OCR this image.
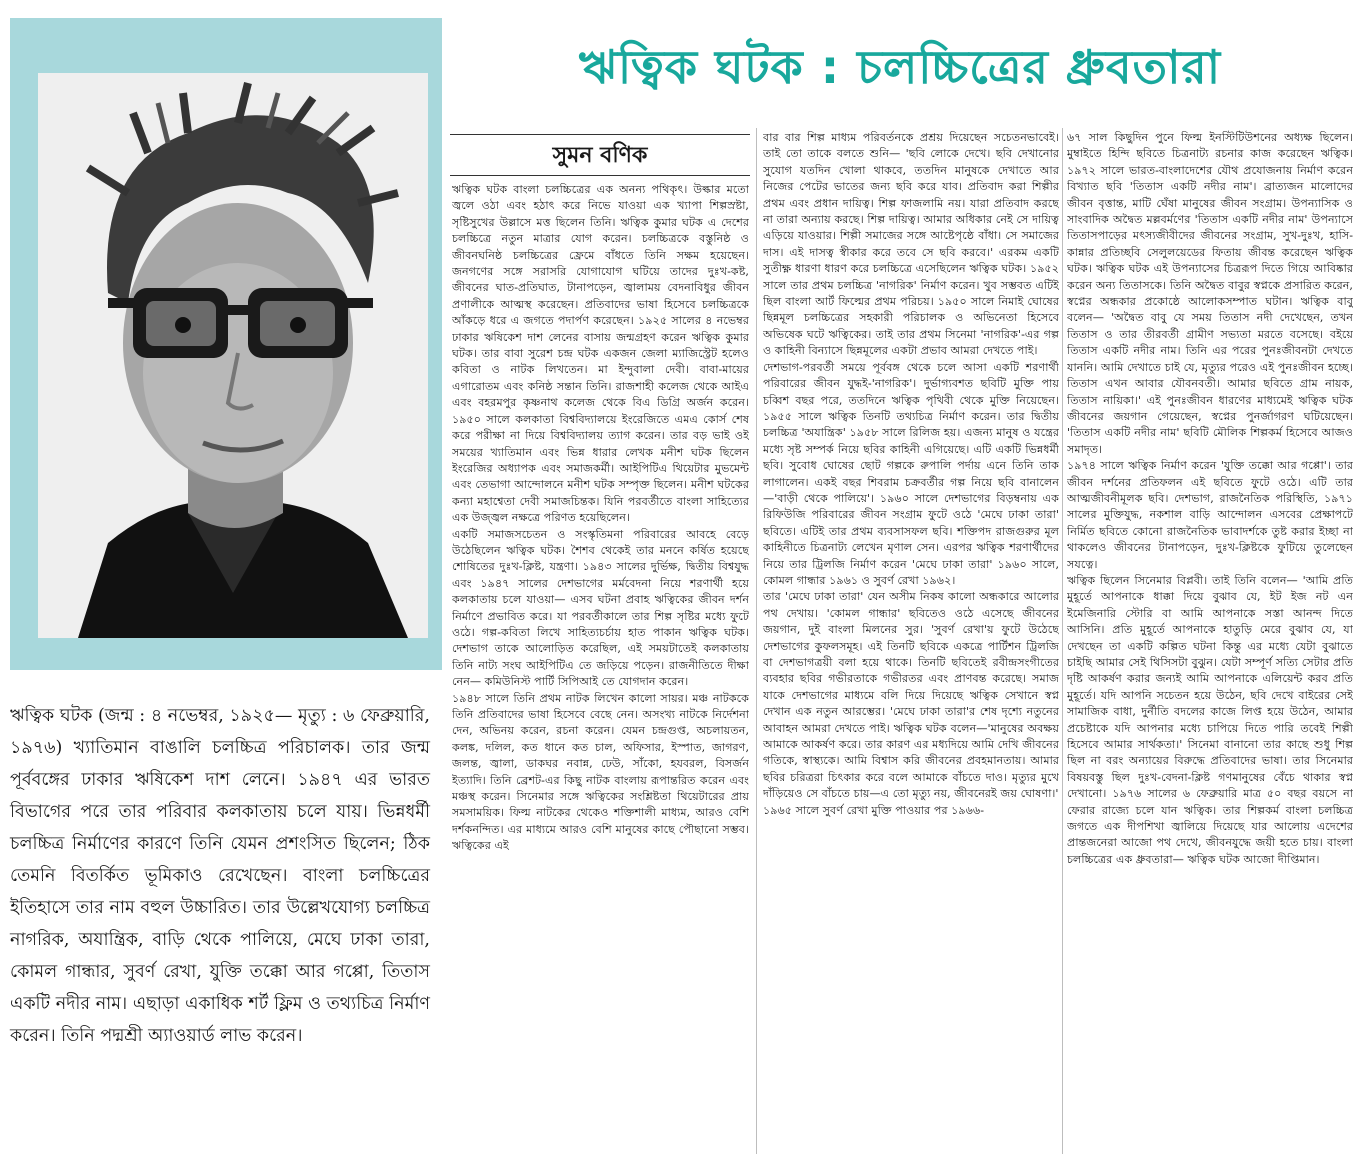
ঋত্বিক ঘটক (জন্ম : ৪ নভেম্বর, ১৯২৫— মৃত্যু : ৬ ফেব্রুয়ারি, ১৯৭৬) খ্যাতিমান বাঙালি চলচ্চিত্র পরিচালক। তার জন্ম পূর্ববঙ্গের ঢাকার ঋষিকেশ দাশ লেনে। ১৯৪৭ এর ভারত বিভাগের পরে তার পরিবার কলকাতায় চলে যায়। ভিন্নধর্মী চলচ্চিত্র নির্মাণের কারণে তিনি যেমন প্রশংসিত ছিলেন; ঠিক তেমনি বিতর্কিত ভূমিকাও রেখেছেন। বাংলা চলচ্চিত্রের ইতিহাসে তার নাম বহুল উচ্চারিত। তার উল্লেখযোগ্য চলচ্চিত্র নাগরিক, অযান্ত্রিক, বাড়ি থেকে পালিয়ে, মেঘে ঢাকা তারা, কোমল গান্ধার, সুবর্ণ রেখা, যুক্তি তক্কো আর গপ্পো, তিতাস একটি নদীর নাম। এছাড়া একাধিক শর্ট ফ্লিম ও তথ্যচিত্র নির্মাণ করেন। তিনি পদ্মশ্রী অ্যাওয়ার্ড লাভ করেন।
ঋত্বিক ঘটক : চলচ্চিত্রের ধ্রুবতারা
সুমন বণিক

ঋত্বিক ঘটক বাংলা চলচ্চিত্রের এক অনন্য পথিকৃৎ। উল্কার মতো জ্বলে ওঠা এবং হঠাৎ করে নিভে যাওয়া এক খ্যাপা শিল্পস্রষ্টা, সৃষ্টিসুখের উল্লাসে মত্ত ছিলেন তিনি। ঋত্বিক কুমার ঘটক এ দেশের চলচ্চিত্রে নতুন মাত্রার যোগ করেন। চলচ্চিত্রকে বস্তুনিষ্ঠ ও জীবনঘনিষ্ঠ চলচ্চিত্রের ফ্রেমে বাঁধতে তিনি সক্ষম হয়েছেন। জনগণের সঙ্গে সরাসরি যোগাযোগ ঘটিয়ে তাদের দুঃখ-কষ্ট, জীবনের ঘাত-প্রতিঘাত, টানাপড়েন, জ্বালাময় বেদনাবিধুর জীবন প্রণালীকে আত্মস্থ করেছেন। প্রতিবাদের ভাষা হিসেবে চলচ্চিত্রকে আঁকড়ে ধরে এ জগতে পদার্পণ করেছেন। ১৯২৫ সালের ৪ নভেম্বর ঢাকার ঋষিকেশ দাশ লেনের বাসায় জন্মগ্রহণ করেন ঋত্বিক কুমার ঘটক। তার বাবা সুরেশ চন্দ্র ঘটক একজন জেলা ম্যাজিস্ট্রেট হলেও কবিতা ও নাটক লিখতেন। মা ইন্দুবালা দেবী। বাবা-মায়ের এগারোতম এবং কনিষ্ঠ সন্তান তিনি। রাজশাহী কলেজ থেকে আইএ এবং বহরমপুর কৃষ্ণনাথ কলেজ থেকে বিএ ডিগ্রি অর্জন করেন। ১৯৫০ সালে কলকাতা বিশ্ববিদ্যালয়ে ইংরেজিতে এমএ কোর্স শেষ করে পরীক্ষা না দিয়ে বিশ্ববিদ্যালয় ত্যাগ করেন। তার বড় ভাই ওই সময়ের খ্যাতিমান এবং ভিন্ন ধারার লেখক মনীশ ঘটক ছিলেন ইংরেজির অধ্যাপক এবং সমাজকর্মী। আইপিটিএ থিয়েটার মুভমেন্ট এবং তেভাগা আন্দোলনে মনীশ ঘটক সম্পৃক্ত ছিলেন। মনীশ ঘটকের কন্যা মহাশ্বেতা দেবী সমাজচিন্তক। যিনি পরবর্তীতে বাংলা সাহিত্যের এক উজ্জ্বল নক্ষত্রে পরিণত হয়েছিলেন।

একটি সমাজসচেতন ও সংস্কৃতিমনা পরিবারের আবহে বেড়ে উঠেছিলেন ঋত্বিক ঘটক। শৈশব থেকেই তার মননে কর্ষিত হয়েছে শোষিতের দুঃখ-ক্লিষ্ট, যন্ত্রণা। ১৯৪৩ সালের দুর্ভিক্ষ, দ্বিতীয় বিশ্বযুদ্ধ এবং ১৯৪৭ সালের দেশভাগের মর্মবেদনা নিয়ে শরণার্থী হয়ে কলকাতায় চলে যাওয়া— এসব ঘটনা প্রবাহ ঋত্বিকের জীবন দর্শন নির্মাণে প্রভাবিত করে। যা পরবর্তীকালে তার শিল্প সৃষ্টির মধ্যে ফুটে ওঠে। গল্প-কবিতা লিখে সাহিত্যচর্চায় হাত পাকান ঋত্বিক ঘটক। দেশভাগ তাকে আলোড়িত করেছিল, এই সময়টাতেই কলকাতায় তিনি নাট্য সংঘ আইপিটিএ তে জড়িয়ে পড়েন। রাজনীতিতে দীক্ষা নেন— কমিউনিস্ট পার্টি সিপিআই তে যোগদান করেন।

১৯৪৮ সালে তিনি প্রথম নাটক লিখেন কালো সায়র। মঞ্চ নাটককে তিনি প্রতিবাদের ভাষা হিসেবে বেছে নেন। অসংখ্য নাটকে নির্দেশনা দেন, অভিনয় করেন, রচনা করেন। যেমন চন্দ্রগুপ্ত, অচলায়তন, কলঙ্ক, দলিল, কত ধানে কত চাল, অফিসার, ইস্পাত, জাগরণ, জলন্ত, জ্বালা, ডাকঘর নবান্ন, ঢেউ, সাঁকো, হযবরল, বিসর্জন ইত্যাদি। তিনি ব্রেশট-এর কিছু নাটক বাংলায় রূপান্তরিত করেন এবং মঞ্চস্থ করেন। সিনেমার সঙ্গে ঋত্বিকের সংশ্লিষ্টতা থিয়েটারের প্রায় সমসাময়িক। ফিল্ম নাটকের থেকেও শক্তিশালী মাধ্যম, আরও বেশি দর্শকনন্দিত। এর মাধ্যমে আরও বেশি মানুষের কাছে পৌছানো সম্ভব। ঋত্বিকের এই

বার বার শিল্প মাধ্যম পরিবর্তনকে প্রশ্রয় দিয়েছেন সচেতনভাবেই। তাই তো তাকে বলতে শুনি— 'ছবি লোকে দেখে। ছবি দেখানোর সুযোগ যতদিন খোলা থাকবে, ততদিন মানুষকে দেখাতে আর নিজের পেটের ভাতের জন্য ছবি করে যাব। প্রতিবাদ করা শিল্পীর প্রথম এবং প্রধান দায়িত্ব। শিল্প ফাজলামি নয়। যারা প্রতিবাদ করছে না তারা অন্যায় করছে। শিল্প দায়িত্ব। আমার অধিকার নেই সে দায়িত্ব এড়িয়ে যাওয়ার। শিল্পী সমাজের সঙ্গে আষ্টেপৃষ্ঠে বাঁধা। সে সমাজের দাস। এই দাসত্ব স্বীকার করে তবে সে ছবি করবে।' এরকম একটি সুতীক্ষ্ণ ধারণা ধারণ করে চলচ্চিত্রে এসেছিলেন ঋত্বিক ঘটক। ১৯৫২ সালে তার প্রথম চলচ্চিত্র 'নাগরিক' নির্মাণ করেন। খুব সম্ভবত এটিই ছিল বাংলা আর্ট ফিল্মের প্রথম পরিচয়। ১৯৫০ সালে নিমাই ঘোষের ছিন্নমূল চলচ্চিত্রের সহকারী পরিচালক ও অভিনেতা হিসেবে অভিষেক ঘটে ঋত্বিকের। তাই তার প্রথম সিনেমা 'নাগরিক'-এর গল্প ও কাহিনী বিন্যাসে ছিন্নমূলের একটা প্রভাব আমরা দেখতে পাই।

দেশভাগ-পরবর্তী সময়ে পূর্ববঙ্গ থেকে চলে আসা একটি শরণার্থী পরিবারের জীবন যুদ্ধই-'নাগরিক'। দুর্ভাগ্যবশত ছবিটি মুক্তি পায় চব্বিশ বছর পরে, ততদিনে ঋত্বিক পৃথিবী থেকে মুক্তি নিয়েছেন। ১৯৫৫ সালে ঋত্বিক তিনটি তথ্যচিত্র নির্মাণ করেন। তার দ্বিতীয় চলচ্চিত্র 'অযান্ত্রিক' ১৯৫৮ সালে রিলিজ হয়। এজন্য মানুষ ও যন্ত্রের মধ্যে সৃষ্ট সম্পর্ক নিয়ে ছবির কাহিনী এগিয়েছে। এটি একটি ভিন্নধর্মী ছবি। সুবোধ ঘোষের ছোট গল্পকে রুপালি পর্দায় এনে তিনি তাক লাগালেন। একই বছর শিবরাম চক্রবর্তীর গল্প নিয়ে ছবি বানালেন—'বাড়ী থেকে পালিয়ে'। ১৯৬০ সালে দেশভাগের বিড়ম্বনায় এক রিফিউজি পরিবারের জীবন সংগ্রাম ফুটে ওঠে 'মেঘে ঢাকা তারা' ছবিতে। এটিই তার প্রথম ব্যবসাসফল ছবি। শক্তিপদ রাজগুরুর মূল কাহিনীতে চিত্রনাট্য লেখেন মৃণাল সেন। এরপর ঋত্বিক শরণার্থীদের নিয়ে তার ট্রিলজি নির্মাণ করেন 'মেঘে ঢাকা তারা' ১৯৬০ সালে, কোমল গান্ধার ১৯৬১ ও সুবর্ণ রেখা ১৯৬২।

তার 'মেঘে ঢাকা তারা' যেন অসীম নিকষ কালো অন্ধকারে আলোর পথ দেখায়। 'কোমল গান্ধার' ছবিতেও ওঠে এসেছে জীবনের জয়গান, দুই বাংলা মিলনের সুর। 'সুবর্ণ রেখা'য় ফুটে উঠেছে দেশভাগের কুফলসমূহ। এই তিনটি ছবিকে একত্রে পার্টিশন ট্রিলজি বা দেশভাগত্রয়ী বলা হয়ে থাকে। তিনটি ছবিতেই রবীন্দ্রসংগীতের ব্যবহার ছবির গভীরতাকে গভীরতর এবং প্রাণবন্ত করেছে। সমাজ যাকে দেশভাগের মাধ্যমে বলি দিয়ে দিয়েছে ঋত্বিক সেখানে স্বপ্ন দেখান এক নতুন আরম্ভের। 'মেঘে ঢাকা তারা'র শেষ দৃশ্যে নতুনের আবাহন আমরা দেখতে পাই। ঋত্বিক ঘটক বলেন—'মানুষের অবক্ষয় আমাকে আকর্ষণ করে। তার কারণ এর মধ্যদিয়ে আমি দেখি জীবনের গতিকে, স্বাস্থ্যকে। আমি বিশ্বাস করি জীবনের প্রবহমানতায়। আমার ছবির চরিত্ররা চিৎকার করে বলে আমাকে বাঁচতে দাও। মৃত্যুর মুখে দাঁড়িয়েও সে বাঁচতে চায়—এ তো মৃত্যু নয়, জীবনেরই জয় ঘোষণা।'

১৯৬৫ সালে সুবর্ণ রেখা মুক্তি পাওয়ার পর ১৯৬৬-

৬৭ সাল কিছুদিন পুনে ফিল্ম ইনস্টিটিউশনের অধ্যক্ষ ছিলেন। মুম্বাইতে হিন্দি ছবিতে চিত্রনাট্য রচনার কাজ করেছেন ঋত্বিক। ১৯৭২ সালে ভারত-বাংলাদেশের যৌথ প্রযোজনায় নির্মাণ করেন বিখ্যাত ছবি 'তিতাস একটি নদীর নাম'। ব্রাত্যজন মালোদের জীবন বৃত্তান্ত, মাটি ঘেঁষা মানুষের জীবন সংগ্রাম। উপন্যাসিক ও সাংবাদিক অদ্বৈত মল্লবর্মণের 'তিতাস একটি নদীর নাম' উপন্যাসে তিতাসপাড়ের মৎস্যজীবীদের জীবনের সংগ্রাম, সুখ-দুঃখ, হাসি-কান্নার প্রতিচ্ছবি সেলুলয়েডের ফিতায় জীবন্ত করেছেন ঋত্বিক ঘটক। ঋত্বিক ঘটক এই উপন্যাসের চিত্ররূপ দিতে গিয়ে আবিষ্কার করেন অন্য তিতাসকে। তিনি অদ্বৈত বাবুর স্বপ্নকে প্রসারিত করেন, স্বপ্নের অন্ধকার প্রকোষ্ঠে আলোকসম্পাত ঘটান। ঋত্বিক বাবু বলেন— 'অদ্বৈত বাবু যে সময় তিতাস নদী দেখেছেন, তখন তিতাস ও তার তীরবর্তী গ্রামীণ সভ্যতা মরতে বসেছে। বইয়ে তিতাস একটি নদীর নাম। তিনি এর পরের পুনঃজীবনটা দেখতে যাননি। আমি দেখাতে চাই যে, মৃত্যুর পরেও এই পুনঃজীবন হচ্ছে। তিতাস এখন আবার যৌবনবতী। আমার ছবিতে গ্রাম নায়ক, তিতাস নায়িকা।' এই পুনঃজীবন ধারণের মাধ্যমেই ঋত্বিক ঘটক জীবনের জয়গান গেয়েছেন, স্বপ্নের পুনর্জাগরণ ঘটিয়েছেন। 'তিতাস একটি নদীর নাম' ছবিটি মৌলিক শিল্পকর্ম হিসেবে আজও সমাদৃত।

১৯৭৪ সালে ঋত্বিক নির্মাণ করেন 'যুক্তি তক্কো আর গপ্পো'। তার জীবন দর্শনের প্রতিফলন এই ছবিতে ফুটে ওঠে। এটি তার আত্মজীবনীমূলক ছবি। দেশভাগ, রাজনৈতিক পরিস্থিতি, ১৯৭১ সালের মুক্তিযুদ্ধ, নকশাল বাড়ি আন্দোলন এসবের প্রেক্ষাপটে নির্মিত ছবিতে কোনো রাজনৈতিক ভাবাদর্শকে তুষ্ট করার ইচ্ছা না থাকলেও জীবনের টানাপড়েন, দুঃখ-ক্লিষ্টকে ফুটিয়ে তুলেছেন সযত্নে।

ঋত্বিক ছিলেন সিনেমার বিপ্লবী। তাই তিনি বলেন— 'আমি প্রতি মুহূর্তে আপনাকে ধাক্কা দিয়ে বুঝাব যে, ইট ইজ নট এন ইমেজিনারি স্টোরি বা আমি আপনাকে সস্তা আনন্দ দিতে আসিনি। প্রতি মুহূর্তে আপনাকে হাতুড়ি মেরে বুঝাব যে, যা দেখছেন তা একটি কল্পিত ঘটনা কিন্তু এর মধ্যে যেটা বুঝাতে চাইছি আমার সেই থিসিসটা বুঝুন। যেটা সম্পূর্ণ সত্যি সেটার প্রতি দৃষ্টি আকর্ষণ করার জন্যই আমি আপনাকে এলিয়েন্ট করব প্রতি মুহূর্তে। যদি আপনি সচেতন হয়ে উঠেন, ছবি দেখে বাইরের সেই সামাজিক বাধা, দুর্নীতি বদলের কাজে লিপ্ত হয়ে উঠেন, আমার প্রচেষ্টাকে যদি আপনার মধ্যে চাপিয়ে দিতে পারি তবেই শিল্পী হিসেবে আমার সার্থকতা।' সিনেমা বানানো তার কাছে শুধু শিল্প ছিল না বরং অন্যায়ের বিরুদ্ধে প্রতিবাদের ভাষা। তার সিনেমার বিষয়বস্তু ছিল দুঃখ-বেদনা-ক্লিষ্ট গণমানুষের বেঁচে থাকার স্বপ্ন দেখানো। ১৯৭৬ সালের ৬ ফেব্রুয়ারি মাত্র ৫০ বছর বয়সে না ফেরার রাজ্যে চলে যান ঋত্বিক। তার শিল্পকর্ম বাংলা চলচ্চিত্র জগতে এক দীপশিখা জ্বালিয়ে দিয়েছে যার আলোয় এদেশের প্রান্তজনেরা আজো পথ দেখে, জীবনযুদ্ধে জয়ী হতে চায়। বাংলা চলচ্চিত্রের এক ধ্রুবতারা— ঋত্বিক ঘটক আজো দীপ্তিমান।
